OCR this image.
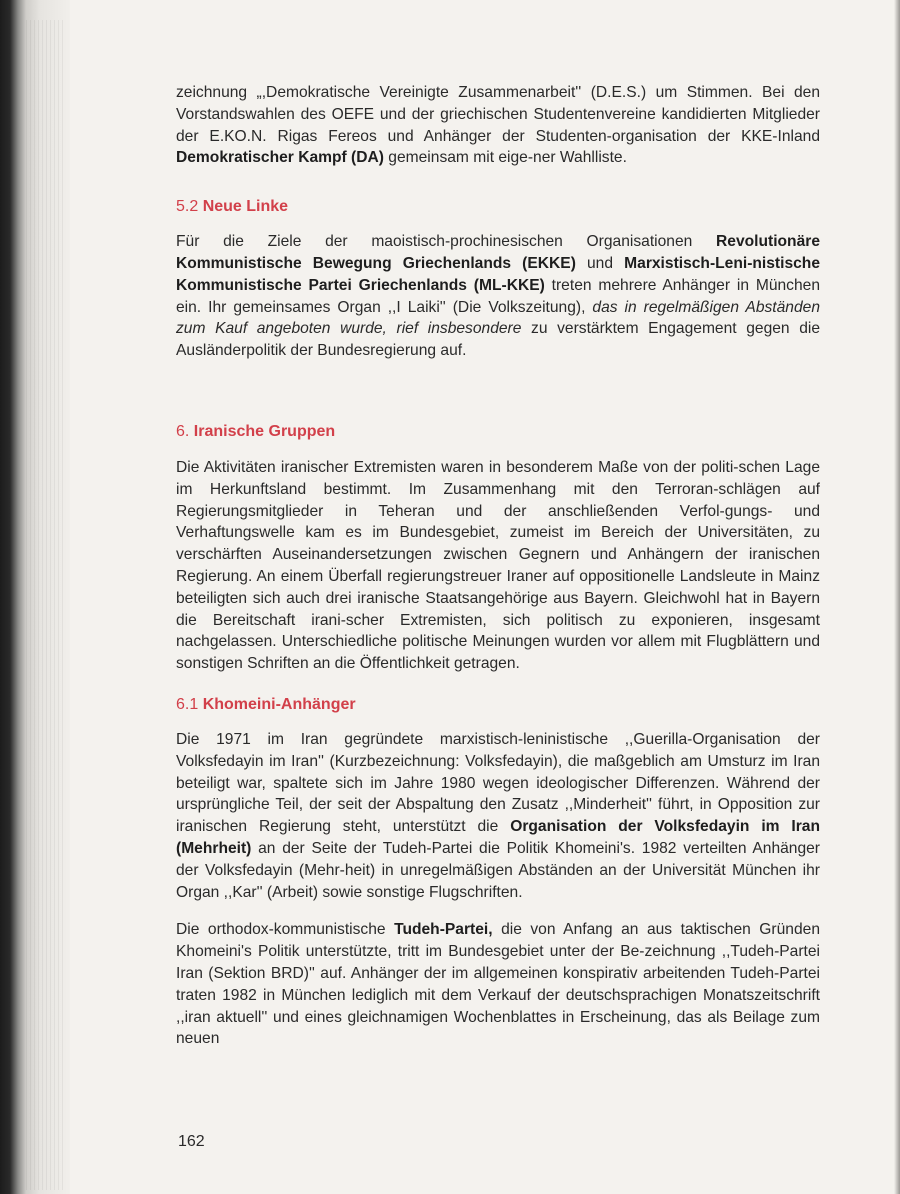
zeichnung „,Demokratische Vereinigte Zusammenarbeit'' (D.E.S.) um Stimmen. Bei den Vorstandswahlen des OEFE und der griechischen Studentenvereine kandidierten Mitglieder der E.KO.N. Rigas Fereos und Anhänger der Studenten-organisation der KKE-Inland Demokratischer Kampf (DA) gemeinsam mit eige-ner Wahlliste.

5.2 Neue Linke

Für die Ziele der maoistisch-prochinesischen Organisationen Revolutionäre Kommunistische Bewegung Griechenlands (EKKE) und Marxistisch-Leni-nistische Kommunistische Partei Griechenlands (ML-KKE) treten mehrere Anhänger in München ein. Ihr gemeinsames Organ ,,I Laiki'' (Die Volkszeitung), das in regelmäßigen Abständen zum Kauf angeboten wurde, rief insbesondere zu verstärktem Engagement gegen die Ausländerpolitik der Bundesregierung auf.

6. Iranische Gruppen

Die Aktivitäten iranischer Extremisten waren in besonderem Maße von der politi-schen Lage im Herkunftsland bestimmt. Im Zusammenhang mit den Terroran-schlägen auf Regierungsmitglieder in Teheran und der anschließenden Verfol-gungs- und Verhaftungswelle kam es im Bundesgebiet, zumeist im Bereich der Universitäten, zu verschärften Auseinandersetzungen zwischen Gegnern und Anhängern der iranischen Regierung. An einem Überfall regierungstreuer Iraner auf oppositionelle Landsleute in Mainz beteiligten sich auch drei iranische Staatsangehörige aus Bayern. Gleichwohl hat in Bayern die Bereitschaft irani-scher Extremisten, sich politisch zu exponieren, insgesamt nachgelassen. Unterschiedliche politische Meinungen wurden vor allem mit Flugblättern und sonstigen Schriften an die Öffentlichkeit getragen.

6.1 Khomeini-Anhänger

Die 1971 im Iran gegründete marxistisch-leninistische ,,Guerilla-Organisation der Volksfedayin im Iran'' (Kurzbezeichnung: Volksfedayin), die maßgeblich am Umsturz im Iran beteiligt war, spaltete sich im Jahre 1980 wegen ideologischer Differenzen. Während der ursprüngliche Teil, der seit der Abspaltung den Zusatz ,,Minderheit'' führt, in Opposition zur iranischen Regierung steht, unterstützt die Organisation der Volksfedayin im Iran (Mehrheit) an der Seite der Tudeh-Partei die Politik Khomeini's. 1982 verteilten Anhänger der Volksfedayin (Mehr-heit) in unregelmäßigen Abständen an der Universität München ihr Organ ,,Kar'' (Arbeit) sowie sonstige Flugschriften.

Die orthodox-kommunistische Tudeh-Partei, die von Anfang an aus taktischen Gründen Khomeini's Politik unterstützte, tritt im Bundesgebiet unter der Be-zeichnung ,,Tudeh-Partei Iran (Sektion BRD)'' auf. Anhänger der im allgemeinen konspirativ arbeitenden Tudeh-Partei traten 1982 in München lediglich mit dem Verkauf der deutschsprachigen Monatszeitschrift ,,iran aktuell'' und eines gleichnamigen Wochenblattes in Erscheinung, das als Beilage zum neuen

162
